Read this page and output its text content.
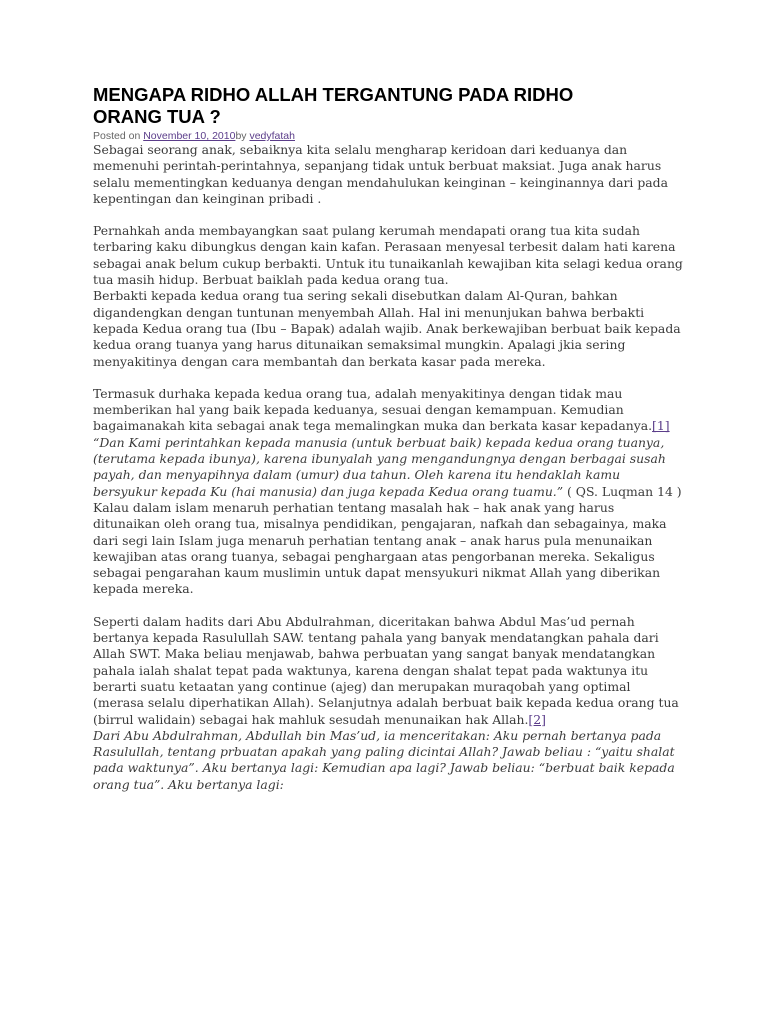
MENGAPA RIDHO ALLAH TERGANTUNG PADA RIDHO
ORANG TUA ?
Posted on November 10, 2010by vedyfatah

Sebagai seorang anak, sebaiknya kita selalu mengharap keridoan dari keduanya dan memenuhi perintah-perintahnya, sepanjang tidak untuk berbuat maksiat. Juga anak harus selalu mementingkan keduanya dengan mendahulukan keinginan – keinginannya dari pada kepentingan dan keinginan pribadi .

Pernahkah anda membayangkan saat pulang kerumah mendapati orang tua kita sudah terbaring kaku dibungkus dengan kain kafan. Perasaan menyesal terbesit dalam hati karena sebagai anak belum cukup berbakti. Untuk itu tunaikanlah kewajiban kita selagi kedua orang tua masih hidup. Berbuat baiklah pada kedua orang tua.

Berbakti kepada kedua orang tua sering sekali disebutkan dalam Al-Quran, bahkan digandengkan dengan tuntunan menyembah Allah. Hal ini menunjukan bahwa berbakti kepada Kedua orang tua (Ibu – Bapak) adalah wajib. Anak berkewajiban berbuat baik kepada kedua orang tuanya yang harus ditunaikan semaksimal mungkin. Apalagi jkia sering menyakitinya dengan cara membantah dan berkata kasar pada mereka.

Termasuk durhaka kepada kedua orang tua, adalah menyakitinya dengan tidak mau memberikan hal yang baik kepada keduanya, sesuai dengan kemampuan. Kemudian bagaimanakah kita sebagai anak tega memalingkan muka dan berkata kasar kepadanya.[1]

“Dan Kami perintahkan kepada manusia (untuk berbuat baik) kepada kedua orang tuanya, (terutama kepada ibunya), karena ibunyalah yang mengandungnya dengan berbagai susah payah, dan menyapihnya dalam (umur) dua tahun. Oleh karena itu hendaklah kamu bersyukur kepada Ku (hai manusia) dan juga kepada Kedua orang tuamu.” ( QS. Luqman 14 )

Kalau dalam islam menaruh perhatian tentang masalah hak – hak anak yang harus ditunaikan oleh orang tua, misalnya pendidikan, pengajaran, nafkah dan sebagainya, maka dari segi lain Islam juga menaruh perhatian tentang anak – anak harus pula menunaikan kewajiban atas orang tuanya, sebagai penghargaan atas pengorbanan mereka. Sekaligus sebagai pengarahan kaum muslimin untuk dapat mensyukuri nikmat Allah yang diberikan kepada mereka.

Seperti dalam hadits dari Abu Abdulrahman, diceritakan bahwa Abdul Mas’ud pernah bertanya kepada Rasulullah SAW. tentang pahala yang banyak mendatangkan pahala dari Allah SWT. Maka beliau menjawab, bahwa perbuatan yang sangat banyak mendatangkan pahala ialah shalat tepat pada waktunya, karena dengan shalat tepat pada waktunya itu berarti suatu ketaatan yang continue (ajeg) dan merupakan muraqobah yang optimal (merasa selalu diperhatikan Allah). Selanjutnya adalah berbuat baik kepada kedua orang tua (birrul walidain) sebagai hak mahluk sesudah menunaikan hak Allah.[2]

Dari Abu Abdulrahman, Abdullah bin Mas’ud, ia menceritakan: Aku pernah bertanya pada Rasulullah, tentang prbuatan apakah yang paling dicintai Allah? Jawab beliau : “yaitu shalat pada waktunya”. Aku bertanya lagi: Kemudian apa lagi? Jawab beliau: “berbuat baik kepada orang tua”. Aku bertanya lagi:
